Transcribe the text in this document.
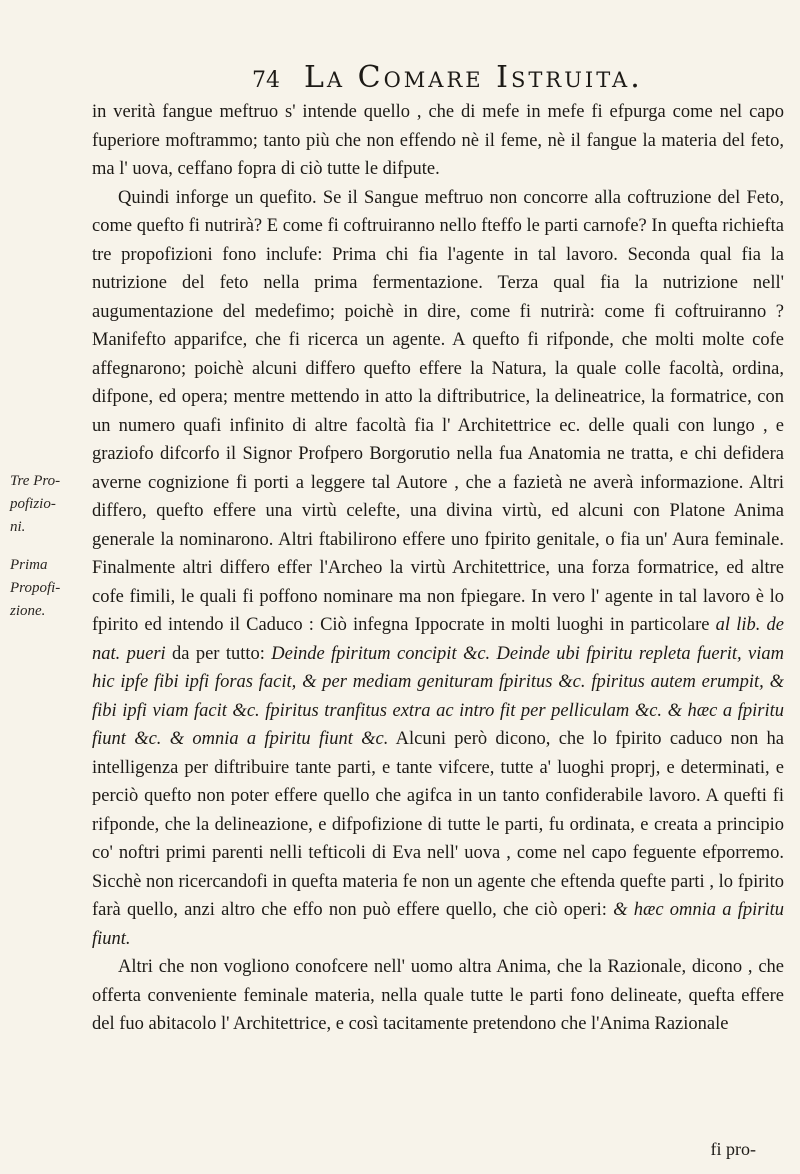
74 La Comare Istruita.
Tre Pro-
pofizio-
ni.
Prima
Propofi-
zione.

in verità fangue meftruo s' intende quello , che di mefe in mefe fi efpurga come nel capo fuperiore moftrammo; tanto più che non effendo nè il feme, nè il fangue la materia del feto, ma l' uova, ceffano fopra di ciò tutte le difpute.

Quindi inforge un quefito. Se il Sangue meftruo non concorre alla coftruzione del Feto, come quefto fi nutrirà? E come fi coftruiranno nello fteffo le parti carnofe? In quefta richiefta tre propofizioni fono inclufe: Prima chi fia l'agente in tal lavoro. Seconda qual fia la nutrizione del feto nella prima fermentazione. Terza qual fia la nutrizione nell' augumentazione del medefimo; poichè in dire, come fi nutrirà: come fi coftruiranno ? Manifefto apparifce, che fi ricerca un agente. A quefto fi rifponde, che molti molte cofe affegnarono; poichè alcuni differo quefto effere la Natura, la quale colle facoltà, ordina, difpone, ed opera; mentre mettendo in atto la diftributrice, la delineatrice, la formatrice, con un numero quafi infinito di altre facoltà fia l' Architettrice ec. delle quali con lungo , e graziofo difcorfo il Signor Profpero Borgorutio nella fua Anatomia ne tratta, e chi defidera averne cognizione fi porti a leggere tal Autore , che a fazietà ne averà informazione. Altri differo, quefto effere una virtù celefte, una divina virtù, ed alcuni con Platone Anima generale la nominarono. Altri ftabilirono effere uno fpirito genitale, o fia un' Aura feminale. Finalmente altri differo effer l'Archeo la virtù Architettrice, una forza formatrice, ed altre cofe fimili, le quali fi poffono nominare ma non fpiegare. In vero l' agente in tal lavoro è lo fpirito ed intendo il Caduco : Ciò infegna Ippocrate in molti luoghi in particolare al lib. de nat. pueri da per tutto: Deinde fpiritum concipit &c. Deinde ubi fpiritu repleta fuerit, viam hic ipfe fibi ipfi foras facit, & per mediam genituram fpiritus &c. fpiritus autem erumpit, & fibi ipfi viam facit &c. fpiritus tranfitus extra ac intro fit per pelliculam &c. & hæc a fpiritu fiunt &c. & omnia a fpiritu fiunt &c. Alcuni però dicono, che lo fpirito caduco non ha intelligenza per diftribuire tante parti, e tante vifcere, tutte a' luoghi proprj, e determinati, e perciò quefto non poter effere quello che agifca in un tanto confiderabile lavoro. A quefti fi rifponde, che la delineazione, e difpofizione di tutte le parti, fu ordinata, e creata a principio co' noftri primi parenti nelli tefticoli di Eva nell' uova , come nel capo feguente efporremo. Sicchè non ricercandofi in quefta materia fe non un agente che eftenda quefte parti , lo fpirito farà quello, anzi altro che effo non può effere quello, che ciò operi: & hæc omnia a fpiritu fiunt.

Altri che non vogliono conofcere nell' uomo altra Anima, che la Razionale, dicono , che offerta conveniente feminale materia, nella quale tutte le parti fono delineate, quefta effere del fuo abitacolo l' Architettrice, e così tacitamente pretendono che l'Anima Razionale

fi pro-
